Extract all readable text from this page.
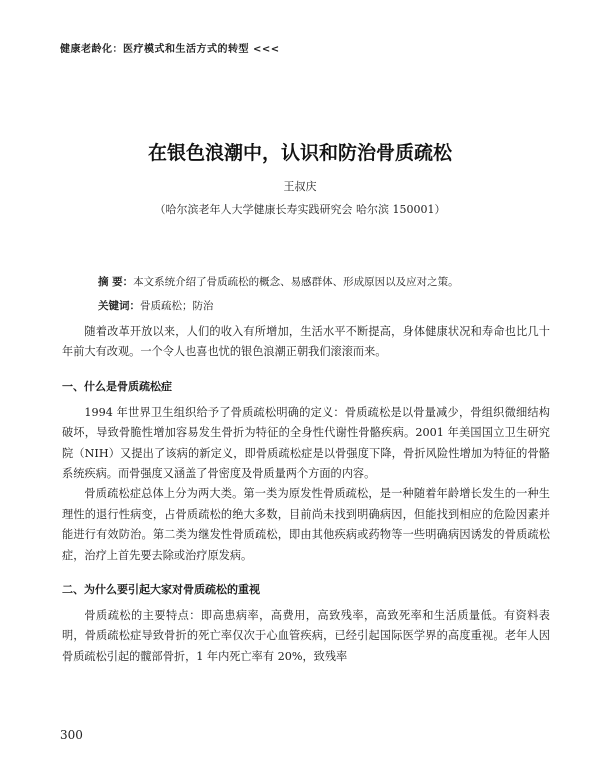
健康老龄化：医疗模式和生活方式的转型 <<<
在银色浪潮中，认识和防治骨质疏松
王叔庆
（哈尔滨老年人大学健康长寿实践研究会 哈尔滨 150001）
摘 要：本文系统介绍了骨质疏松的概念、易感群体、形成原因以及应对之策。
关键词：骨质疏松；防治

随着改革开放以来，人们的收入有所增加，生活水平不断提高，身体健康状况和寿命也比几十年前大有改观。一个令人也喜也忧的银色浪潮正朝我们滚滚而来。

一、什么是骨质疏松症

1994 年世界卫生组织给予了骨质疏松明确的定义：骨质疏松是以骨量减少，骨组织微细结构破坏，导致骨脆性增加容易发生骨折为特征的全身性代谢性骨骼疾病。2001 年美国国立卫生研究院（NIH）又提出了该病的新定义，即骨质疏松症是以骨强度下降，骨折风险性增加为特征的骨骼系统疾病。而骨强度又涵盖了骨密度及骨质量两个方面的内容。

骨质疏松症总体上分为两大类。第一类为原发性骨质疏松，是一种随着年龄增长发生的一种生理性的退行性病变，占骨质疏松的绝大多数，目前尚未找到明确病因，但能找到相应的危险因素并能进行有效防治。第二类为继发性骨质疏松，即由其他疾病或药物等一些明确病因诱发的骨质疏松症，治疗上首先要去除或治疗原发病。

二、为什么要引起大家对骨质疏松的重视

骨质疏松的主要特点：即高患病率，高费用，高致残率，高致死率和生活质量低。有资料表明，骨质疏松症导致骨折的死亡率仅次于心血管疾病，已经引起国际医学界的高度重视。老年人因骨质疏松引起的髋部骨折，1 年内死亡率有 20%，致残率

300
